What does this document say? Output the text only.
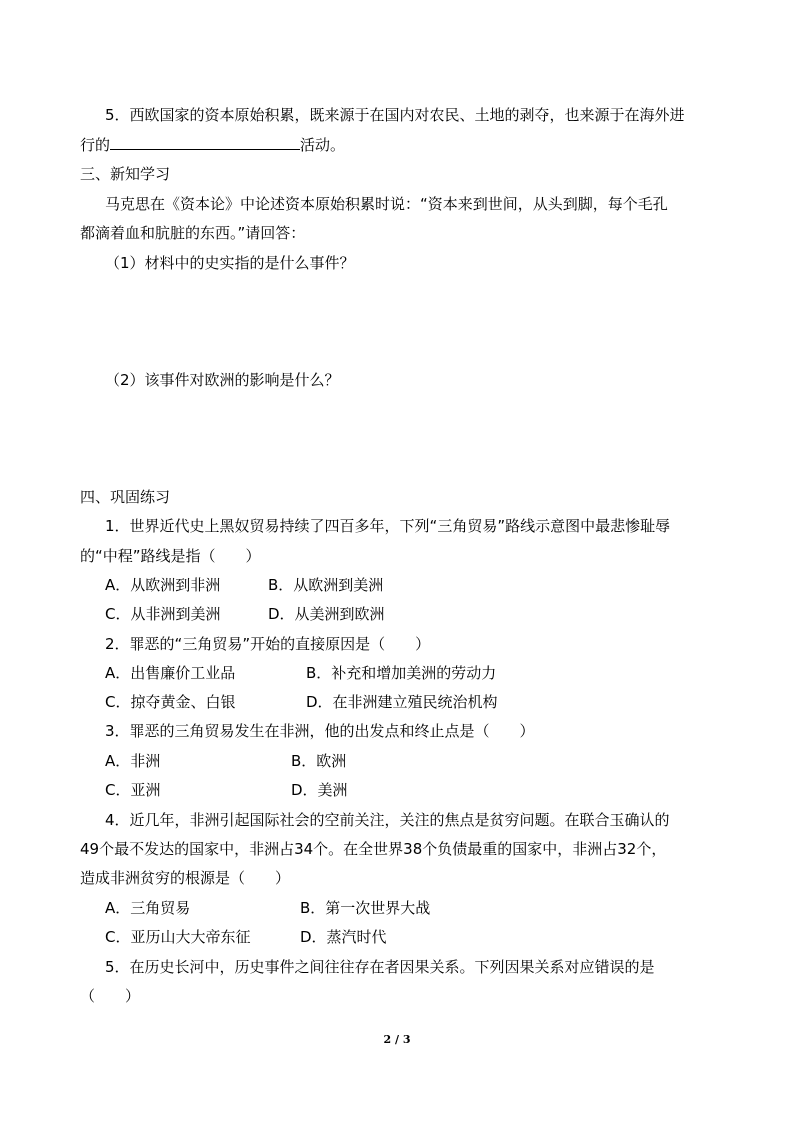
5．西欧国家的资本原始积累，既来源于在国内对农民、土地的剥夺，也来源于在海外进
行的	活动。
三、新知学习
马克思在《资本论》中论述资本原始积累时说：“资本来到世间，从头到脚，每个毛孔
都滴着血和肮脏的东西。”请回答：
（1）材料中的史实指的是什么事件？
（2）该事件对欧洲的影响是什么？
四、巩固练习
1．世界近代史上黑奴贸易持续了四百多年，下列“三角贸易”路线示意图中最悲惨耻辱
的“中程”路线是指（　　）
A．从欧洲到非洲	B．从欧洲到美洲
C．从非洲到美洲	D．从美洲到欧洲
2．罪恶的“三角贸易”开始的直接原因是（　　）
A．出售廉价工业品	B．补充和增加美洲的劳动力
C．掠夺黄金、白银	D．在非洲建立殖民统治机构
3．罪恶的三角贸易发生在非洲，他的出发点和终止点是（　　）
A．非洲	B．欧洲
C．亚洲	D．美洲
4．近几年，非洲引起国际社会的空前关注，关注的焦点是贫穷问题。在联合玉确认的
49个最不发达的国家中，非洲占34个。在全世界38个负债最重的国家中，非洲占32个，
造成非洲贫穷的根源是（　　）
A．三角贸易	B．第一次世界大战
C．亚历山大大帝东征	D．蒸汽时代
5．在历史长河中，历史事件之间往往存在者因果关系。下列因果关系对应错误的是
（　　）
2 / 3
